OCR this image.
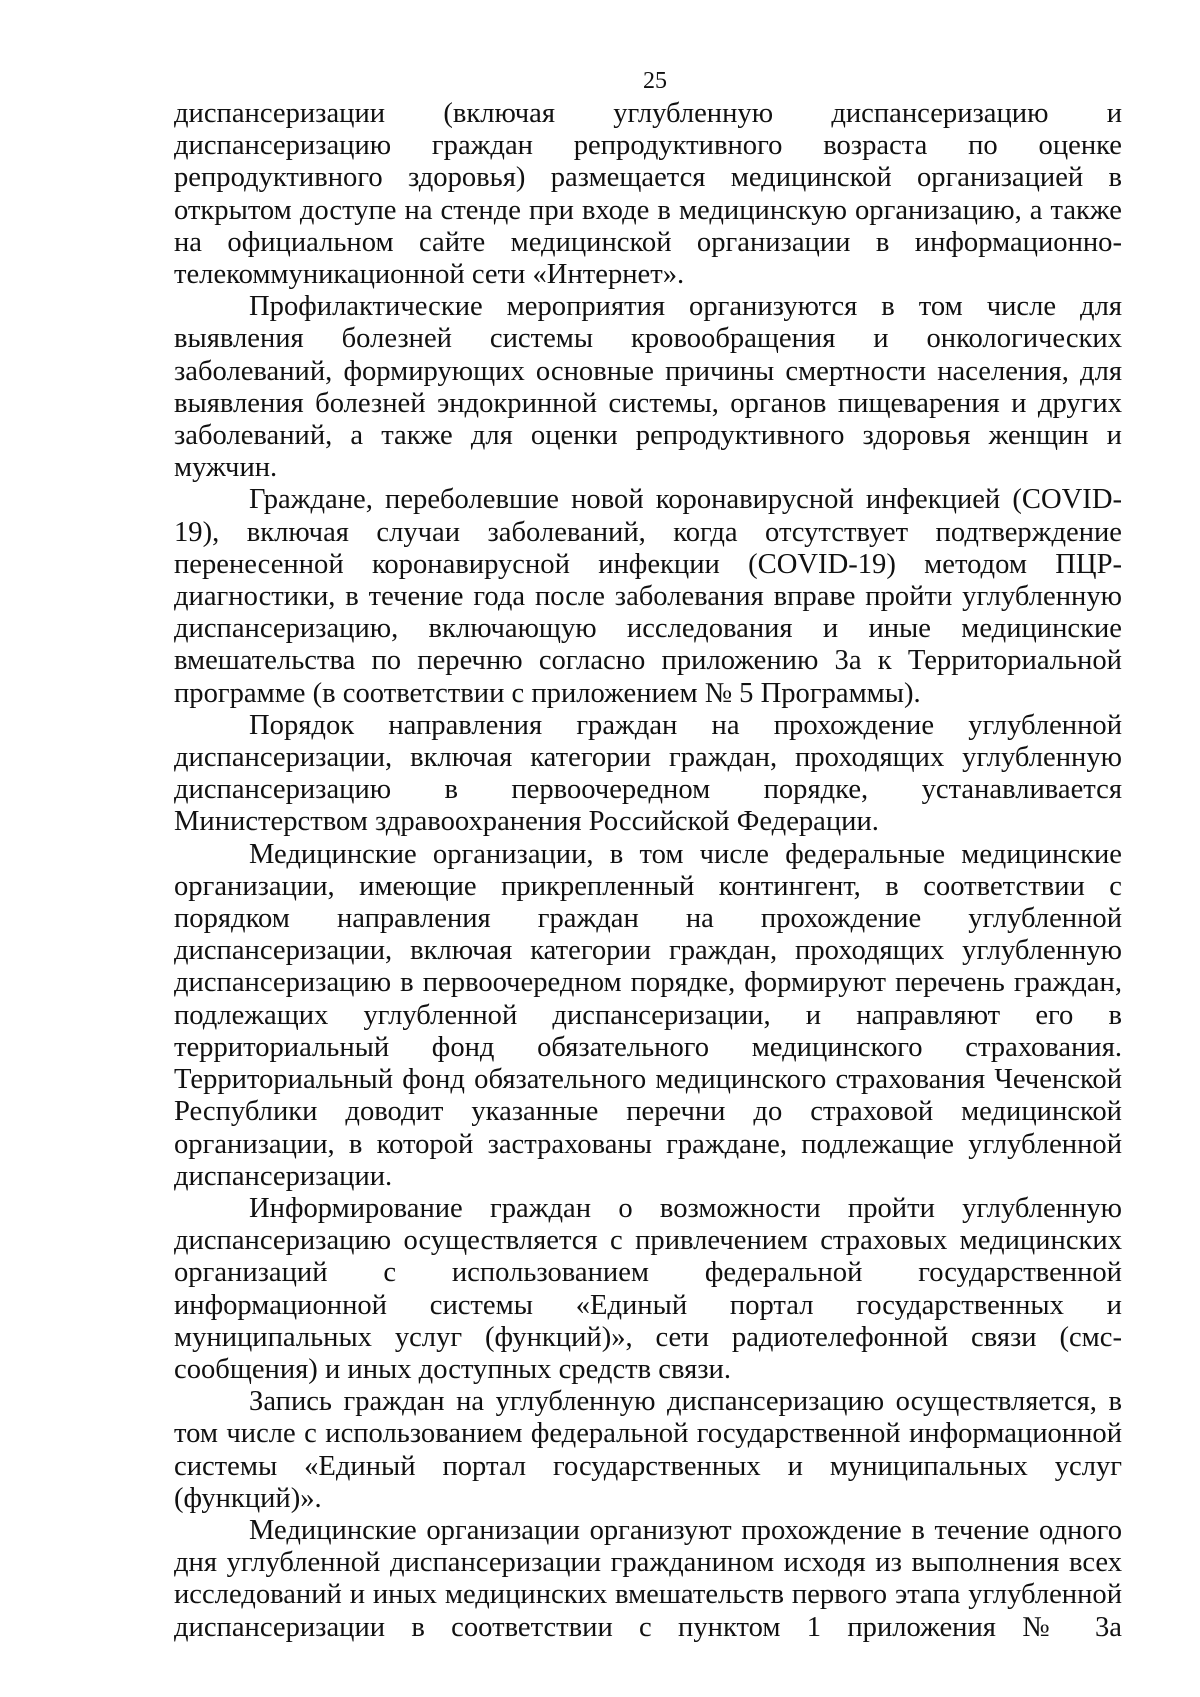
25

диспансеризации (включая углубленную диспансеризацию и диспансеризацию граждан репродуктивного возраста по оценке репродуктивного здоровья) размещается медицинской организацией в открытом доступе на стенде при входе в медицинскую организацию, а также на официальном сайте медицинской организации в информационно-телекоммуникационной сети «Интернет».

Профилактические мероприятия организуются в том числе для выявления болезней системы кровообращения и онкологических заболеваний, формирующих основные причины смертности населения, для выявления болезней эндокринной системы, органов пищеварения и других заболеваний, а также для оценки репродуктивного здоровья женщин и мужчин.

Граждане, переболевшие новой коронавирусной инфекцией (COVID-19), включая случаи заболеваний, когда отсутствует подтверждение перенесенной коронавирусной инфекции (COVID-19) методом ПЦР-диагностики, в течение года после заболевания вправе пройти углубленную диспансеризацию, включающую исследования и иные медицинские вмешательства по перечню согласно приложению 3а к Территориальной программе (в соответствии с приложением № 5 Программы).

Порядок направления граждан на прохождение углубленной диспансеризации, включая категории граждан, проходящих углубленную диспансеризацию в первоочередном порядке, устанавливается Министерством здравоохранения Российской Федерации.

Медицинские организации, в том числе федеральные медицинские организации, имеющие прикрепленный контингент, в соответствии с порядком направления граждан на прохождение углубленной диспансеризации, включая категории граждан, проходящих углубленную диспансеризацию в первоочередном порядке, формируют перечень граждан, подлежащих углубленной диспансеризации, и направляют его в территориальный фонд обязательного медицинского страхования. Территориальный фонд обязательного медицинского страхования Чеченской Республики доводит указанные перечни до страховой медицинской организации, в которой застрахованы граждане, подлежащие углубленной диспансеризации.

Информирование граждан о возможности пройти углубленную диспансеризацию осуществляется с привлечением страховых медицинских организаций с использованием федеральной государственной информационной системы «Единый портал государственных и муниципальных услуг (функций)», сети радиотелефонной связи (смс-сообщения) и иных доступных средств связи.

Запись граждан на углубленную диспансеризацию осуществляется, в том числе с использованием федеральной государственной информационной системы «Единый портал государственных и муниципальных услуг (функций)».

Медицинские организации организуют прохождение в течение одного дня углубленной диспансеризации гражданином исходя из выполнения всех исследований и иных медицинских вмешательств первого этапа углубленной диспансеризации в соответствии с пунктом 1 приложения № 3а
